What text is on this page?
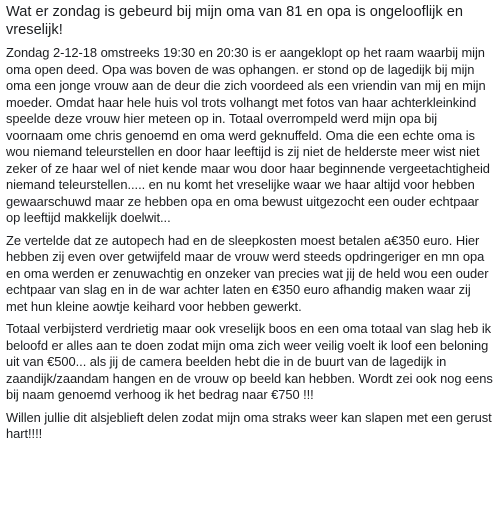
Wat er zondag is gebeurd bij mijn oma van 81 en opa is ongelooflijk en vreselijk!

Zondag 2-12-18 omstreeks 19:30 en 20:30 is er aangeklopt op het raam waarbij mijn oma open deed. Opa was boven de was ophangen. er stond op de lagedijk bij mijn oma een jonge vrouw aan de deur die zich voordeed als een vriendin van mij en mijn moeder. Omdat haar hele huis vol trots volhangt met fotos van haar achterkleinkind speelde deze vrouw hier meteen op in. Totaal overrompeld werd mijn opa bij voornaam ome chris genoemd en oma werd geknuffeld. Oma die een echte oma is wou niemand teleurstellen en door haar leeftijd is zij niet de helderste meer wist niet zeker of ze haar wel of niet kende maar wou door haar beginnende vergeetachtigheid niemand teleurstellen..... en nu komt het vreselijke waar we haar altijd voor hebben gewaarschuwd maar ze hebben opa en oma bewust uitgezocht een ouder echtpaar op leeftijd makkelijk doelwit...

Ze vertelde dat ze autopech had en de sleepkosten moest betalen a€350 euro. Hier hebben zij even over getwijfeld maar de vrouw werd steeds opdringeriger en mn opa en oma werden er zenuwachtig en onzeker van precies wat jij de held wou een ouder echtpaar van slag en in de war achter laten en €350 euro afhandig maken waar zij met hun kleine aowtje keihard voor hebben gewerkt.

Totaal verbijsterd verdrietig maar ook vreselijk boos en een oma totaal van slag heb ik beloofd er alles aan te doen zodat mijn oma zich weer veilig voelt ik loof een beloning uit van €500... als jij de camera beelden hebt die in de buurt van de lagedijk in zaandijk/zaandam hangen en de vrouw op beeld kan hebben. Wordt zei ook nog eens bij naam genoemd verhoog ik het bedrag naar €750 !!!

Willen jullie dit alsjeblieft delen zodat mijn oma straks weer kan slapen met een gerust hart!!!!
